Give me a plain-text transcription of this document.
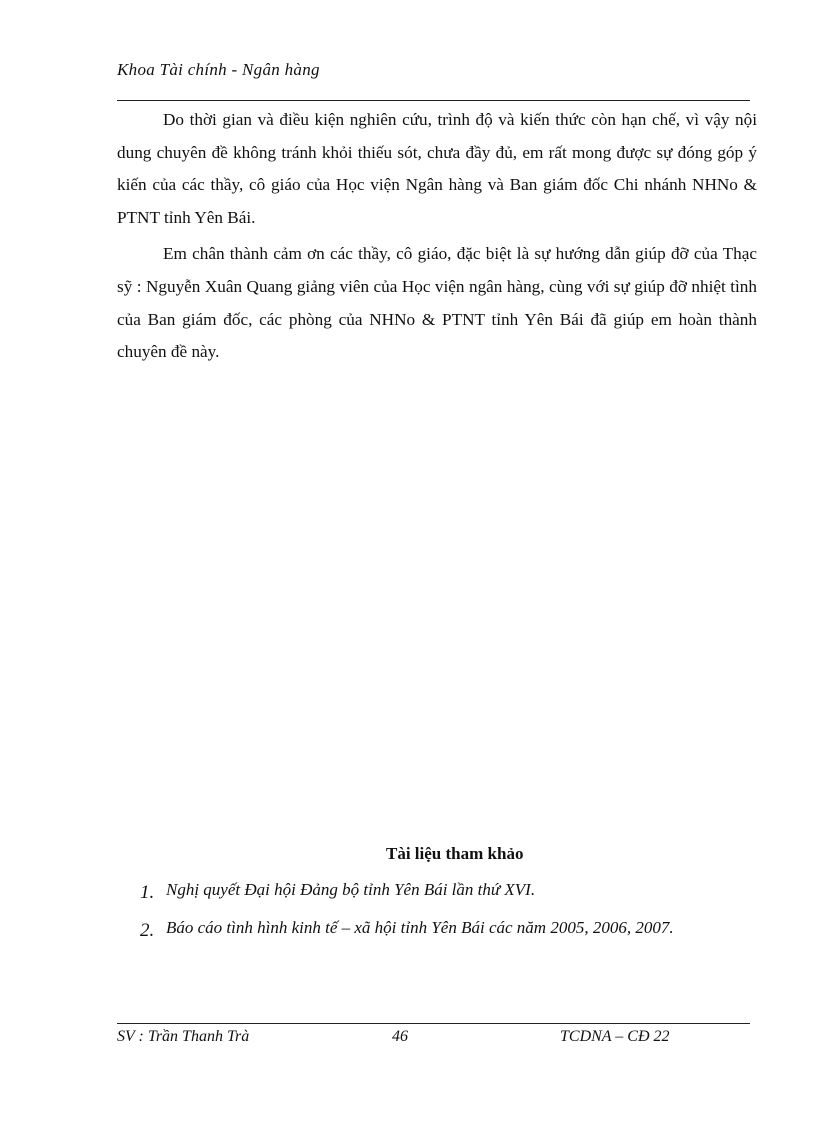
Khoa Tài chính - Ngân hàng

Do thời gian và điều kiện nghiên cứu, trình độ và kiến thức còn hạn chế, vì vậy nội dung chuyên đề không tránh khỏi thiếu sót, chưa đầy đủ, em rất mong được sự đóng góp ý kiến của các thầy, cô giáo của Học viện Ngân hàng và Ban giám đốc Chi nhánh NHNo & PTNT tỉnh Yên Bái.

Em chân thành cảm ơn các thầy, cô giáo, đặc biệt là sự hướng dẫn giúp đỡ của Thạc sỹ : Nguyễn Xuân Quang giảng viên của Học viện ngân hàng, cùng với sự giúp đỡ nhiệt tình của Ban giám đốc, các phòng của NHNo & PTNT tỉnh Yên Bái đã giúp em hoàn thành chuyên đề này.

Tài liệu tham khảo
1. Nghị quyết Đại hội Đảng bộ tỉnh Yên Bái lần thứ XVI.
2. Báo cáo tình hình kinh tế – xã hội tỉnh Yên Bái các năm 2005, 2006, 2007.
SV : Trần Thanh Trà	46	TCDNA – CĐ 22
